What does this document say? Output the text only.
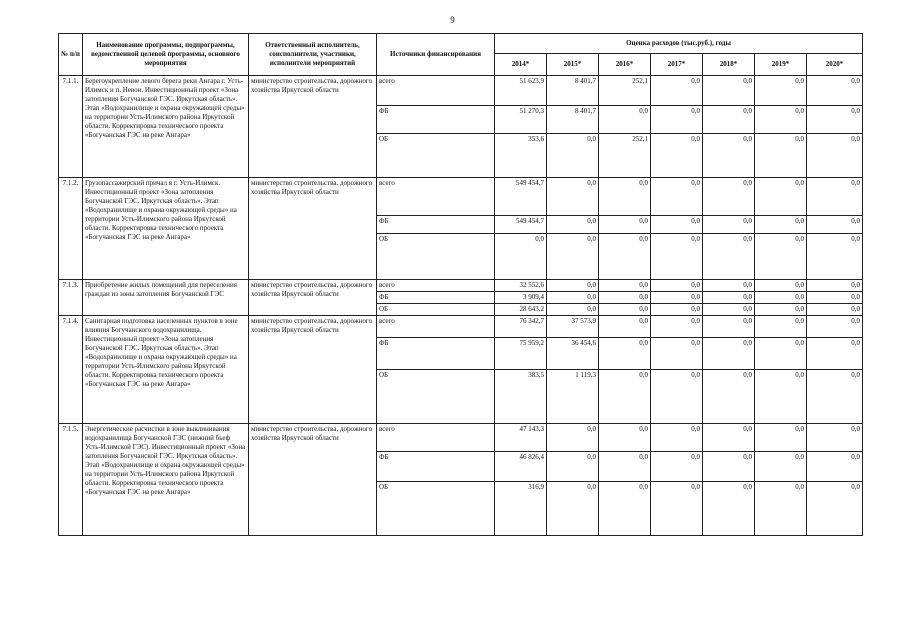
9
№ п/п	Наименование программы, подпрограммы, ведомственной целевой программы, основного мероприятия	Ответственный исполнитель, соисполнители, участники, исполнители мероприятий	Источники финансирования	Оценка расходов (тыс.руб.), годы						
				2014*	2015*	2016*	2017*	2018*	2019*	2020*
7.1.1.	Берегоукрепление левого берега реки Ангара г. Усть-Илимск и п. Невон. Инвестиционный проект «Зона затопления Богучанской ГЭС. Иркутская область». Этап «Водохранилище и охрана окружающей среды» на территории Усть-Илимского района Иркутской области. Корректировка технического проекта «Богучанская ГЭС на реке Ангара»	министерство строительства, дорожного хозяйства Иркутской области	всего	51 623,9	8 401,7	252,1	0,0	0,0	0,0	0,0
			ФБ	51 270,3	8 401,7	0,0	0,0	0,0	0,0	0,0
			ОБ	353,6	0,0	252,1	0,0	0,0	0,0	0,0
7.1.2.	Грузопассажирский причал в г. Усть-Илимск. Инвестиционный проект «Зона затопления Богучанской ГЭС. Иркутская область». Этап «Водохранилище и охрана окружающей среды» на территории Усть-Илимского района Иркутской области. Корректировка технического проекта «Богучанская ГЭС на реке Ангара»	министерство строительства, дорожного хозяйства Иркутской области	всего	549 454,7	0,0	0,0	0,0	0,0	0,0	0,0
			ФБ	549 454,7	0,0	0,0	0,0	0,0	0,0	0,0
			ОБ	0,0	0,0	0,0	0,0	0,0	0,0	0,0
7.1.3.	Приобретение жилых помещений для переселения граждан из зоны затопления Богучанской ГЭС	министерство строительства, дорожного хозяйства Иркутской области	всего	32 552,6	0,0	0,0	0,0	0,0	0,0	0,0
			ФБ	3 909,4	0,0	0,0	0,0	0,0	0,0	0,0
			ОБ	28 643,2	0,0	0,0	0,0	0,0	0,0	0,0
7.1.4.	Санитарная подготовка населенных пунктов в зоне влияния Богучанского водохранилища. Инвестиционный проект «Зона затопления Богучанской ГЭС. Иркутская область». Этап «Водохранилище и охрана окружающей среды» на территории Усть-Илимского района Иркутской области. Корректировка технического проекта «Богучанская ГЭС на реке Ангара»	министерство строительства, дорожного хозяйства Иркутской области	всего	76 342,7	37 573,9	0,0	0,0	0,0	0,0	0,0
			ФБ	75 959,2	36 454,6	0,0	0,0	0,0	0,0	0,0
			ОБ	383,5	1 119,3	0,0	0,0	0,0	0,0	0,0
7.1.5.	Энергетические расчистки в зоне выклинивания водохранилища Богучанской ГЭС (нижний бьеф Усть-Илимской ГЭС). Инвестиционный проект «Зона затопления Богучанской ГЭС. Иркутская область». Этап «Водохранилище и охрана окружающей среды» на территории Усть-Илимского района Иркутской области. Корректировка технического проекта «Богучанская ГЭС на реке Ангара»	министерство строительства, дорожного хозяйства Иркутской области	всего	47 143,3	0,0	0,0	0,0	0,0	0,0	0,0
			ФБ	46 826,4	0,0	0,0	0,0	0,0	0,0	0,0
			ОБ	316,9	0,0	0,0	0,0	0,0	0,0	0,0
